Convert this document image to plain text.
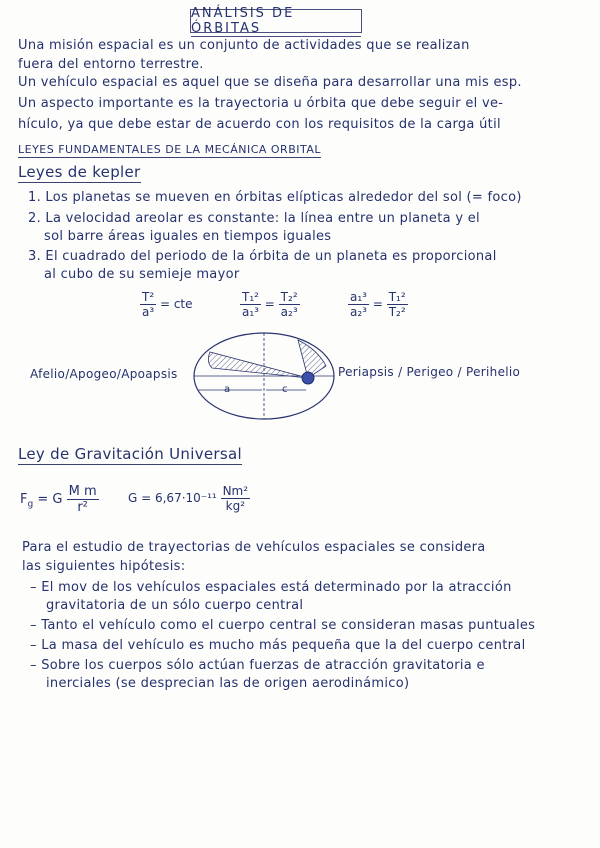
ANÁLISIS DE ÓRBITAS
Una misión espacial es un conjunto de actividades que se realizan
fuera del entorno terrestre.
Un vehículo espacial es aquel que se diseña para desarrollar una mis esp.
Un aspecto importante es la trayectoria u órbita que debe seguir el ve-
hículo, ya que debe estar de acuerdo con los requisitos de la carga útil
LEYES FUNDAMENTALES DE LA MECÁNICA ORBITAL
Leyes de kepler
1. Los planetas se mueven en órbitas elípticas alrededor del sol (= foco)
2. La velocidad areolar es constante: la línea entre un planeta y el
sol barre áreas iguales en tiempos iguales
3. El cuadrado del periodo de la órbita de un planeta es proporcional
al cubo de su semieje mayor
$\frac{\text{T²}}{\text{a³}}$ = cte	$\frac{\text{T₁²}}{\text{a₁³}} = \frac{\text{T₂²}}{\text{a₂³}}$	$\frac{\text{a₁³}}{\text{a₂³}} = \frac{\text{T₁²}}{\text{T₂²}}$
a	c
Afelio/Apogeo/Apoapsis	Periapsis / Perigeo / Perihelio
Ley de Gravitación Universal
$F_g = G \frac{\text{M m}}{\text{r²}}$ $G = 6,67\cdot 10^{-11} \frac{\text{Nm²}}{\text{kg²}}$
Para el estudio de trayectorias de vehículos espaciales se considera
las siguientes hipótesis:
– El mov de los vehículos espaciales está determinado por la atracción
gravitatoria de un sólo cuerpo central
– Tanto el vehículo como el cuerpo central se consideran masas puntuales
– La masa del vehículo es mucho más pequeña que la del cuerpo central
– Sobre los cuerpos sólo actúan fuerzas de atracción gravitatoria e
inerciales (se desprecian las de origen aerodinámico)
